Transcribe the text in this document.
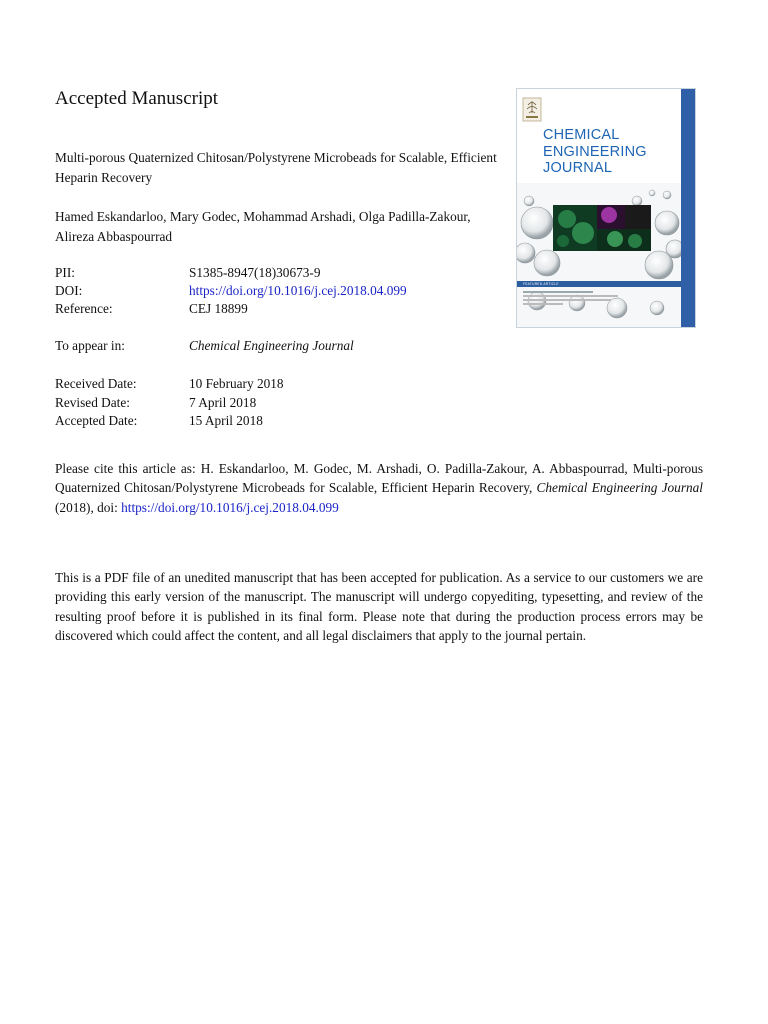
Accepted Manuscript
Multi-porous Quaternized Chitosan/Polystyrene Microbeads for Scalable, Efficient Heparin Recovery
Hamed Eskandarloo, Mary Godec, Mohammad Arshadi, Olga Padilla-Zakour, Alireza Abbaspourrad
PII:	S1385-8947(18)30673-9
DOI:	https://doi.org/10.1016/j.cej.2018.04.099
Reference:	CEJ 18899
To appear in:	Chemical Engineering Journal
Received Date:	10 February 2018
Revised Date:	7 April 2018
Accepted Date:	15 April 2018
Please cite this article as: H. Eskandarloo, M. Godec, M. Arshadi, O. Padilla-Zakour, A. Abbaspourrad, Multi-porous Quaternized Chitosan/Polystyrene Microbeads for Scalable, Efficient Heparin Recovery, Chemical Engineering Journal (2018), doi: https://doi.org/10.1016/j.cej.2018.04.099
This is a PDF file of an unedited manuscript that has been accepted for publication. As a service to our customers we are providing this early version of the manuscript. The manuscript will undergo copyediting, typesetting, and review of the resulting proof before it is published in its final form. Please note that during the production process errors may be discovered which could affect the content, and all legal disclaimers that apply to the journal pertain.
CHEMICAL
ENGINEERING
JOURNAL
FEATURED ARTICLE
